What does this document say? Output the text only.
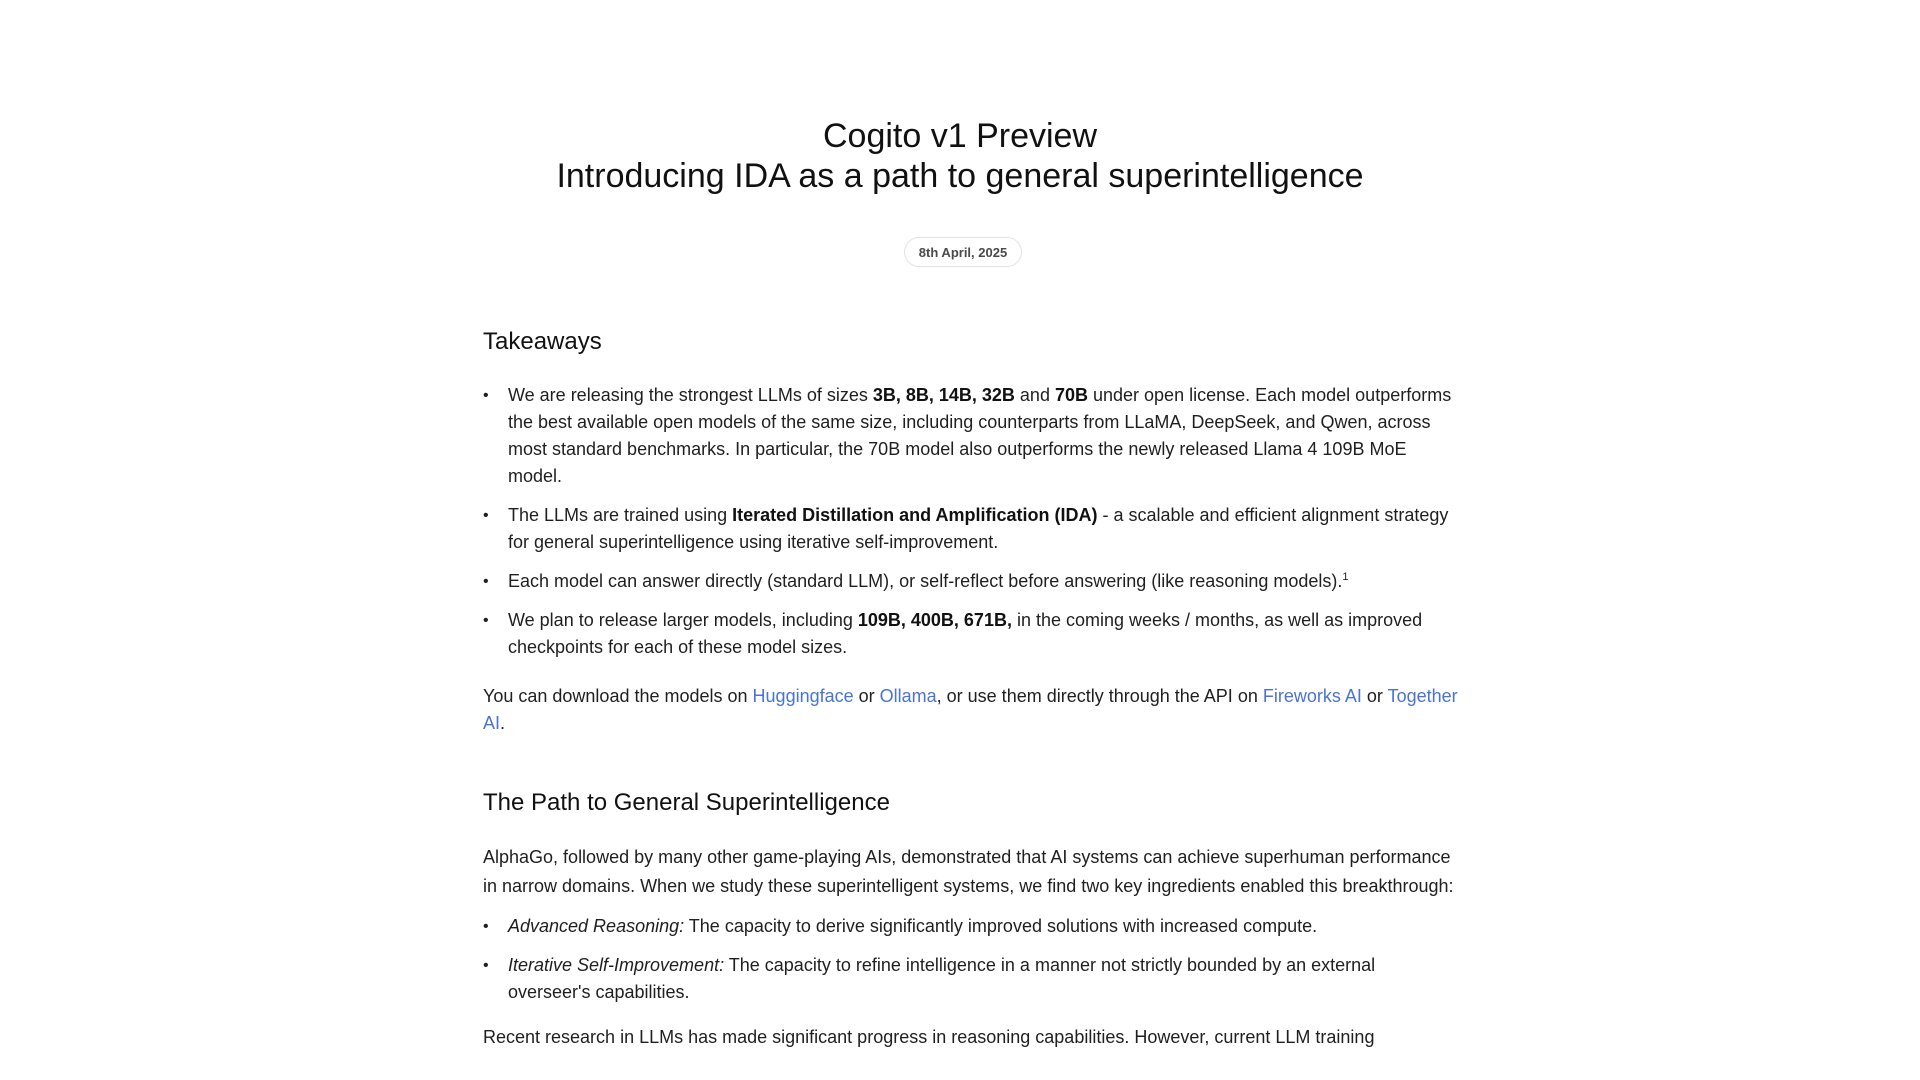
Cogito v1 Preview
Introducing IDA as a path to general superintelligence
8th April, 2025
Takeaways
• We are releasing the strongest LLMs of sizes 3B, 8B, 14B, 32B and 70B under open license. Each model outperforms the best available open models of the same size, including counterparts from LLaMA, DeepSeek, and Qwen, across most standard benchmarks. In particular, the 70B model also outperforms the newly released Llama 4 109B MoE model.
• The LLMs are trained using Iterated Distillation and Amplification (IDA) - a scalable and efficient alignment strategy for general superintelligence using iterative self-improvement.
• Each model can answer directly (standard LLM), or self-reflect before answering (like reasoning models).$^1$
• We plan to release larger models, including 109B, 400B, 671B, in the coming weeks / months, as well as improved checkpoints for each of these model sizes.

You can download the models on Huggingface or Ollama, or use them directly through the API on Fireworks AI or Together AI.

The Path to General Superintelligence

AlphaGo, followed by many other game-playing AIs, demonstrated that AI systems can achieve superhuman performance in narrow domains. When we study these superintelligent systems, we find two key ingredients enabled this breakthrough:

• Advanced Reasoning: The capacity to derive significantly improved solutions with increased compute.
• Iterative Self-Improvement: The capacity to refine intelligence in a manner not strictly bounded by an external overseer's capabilities.

Recent research in LLMs has made significant progress in reasoning capabilities. However, current LLM training
